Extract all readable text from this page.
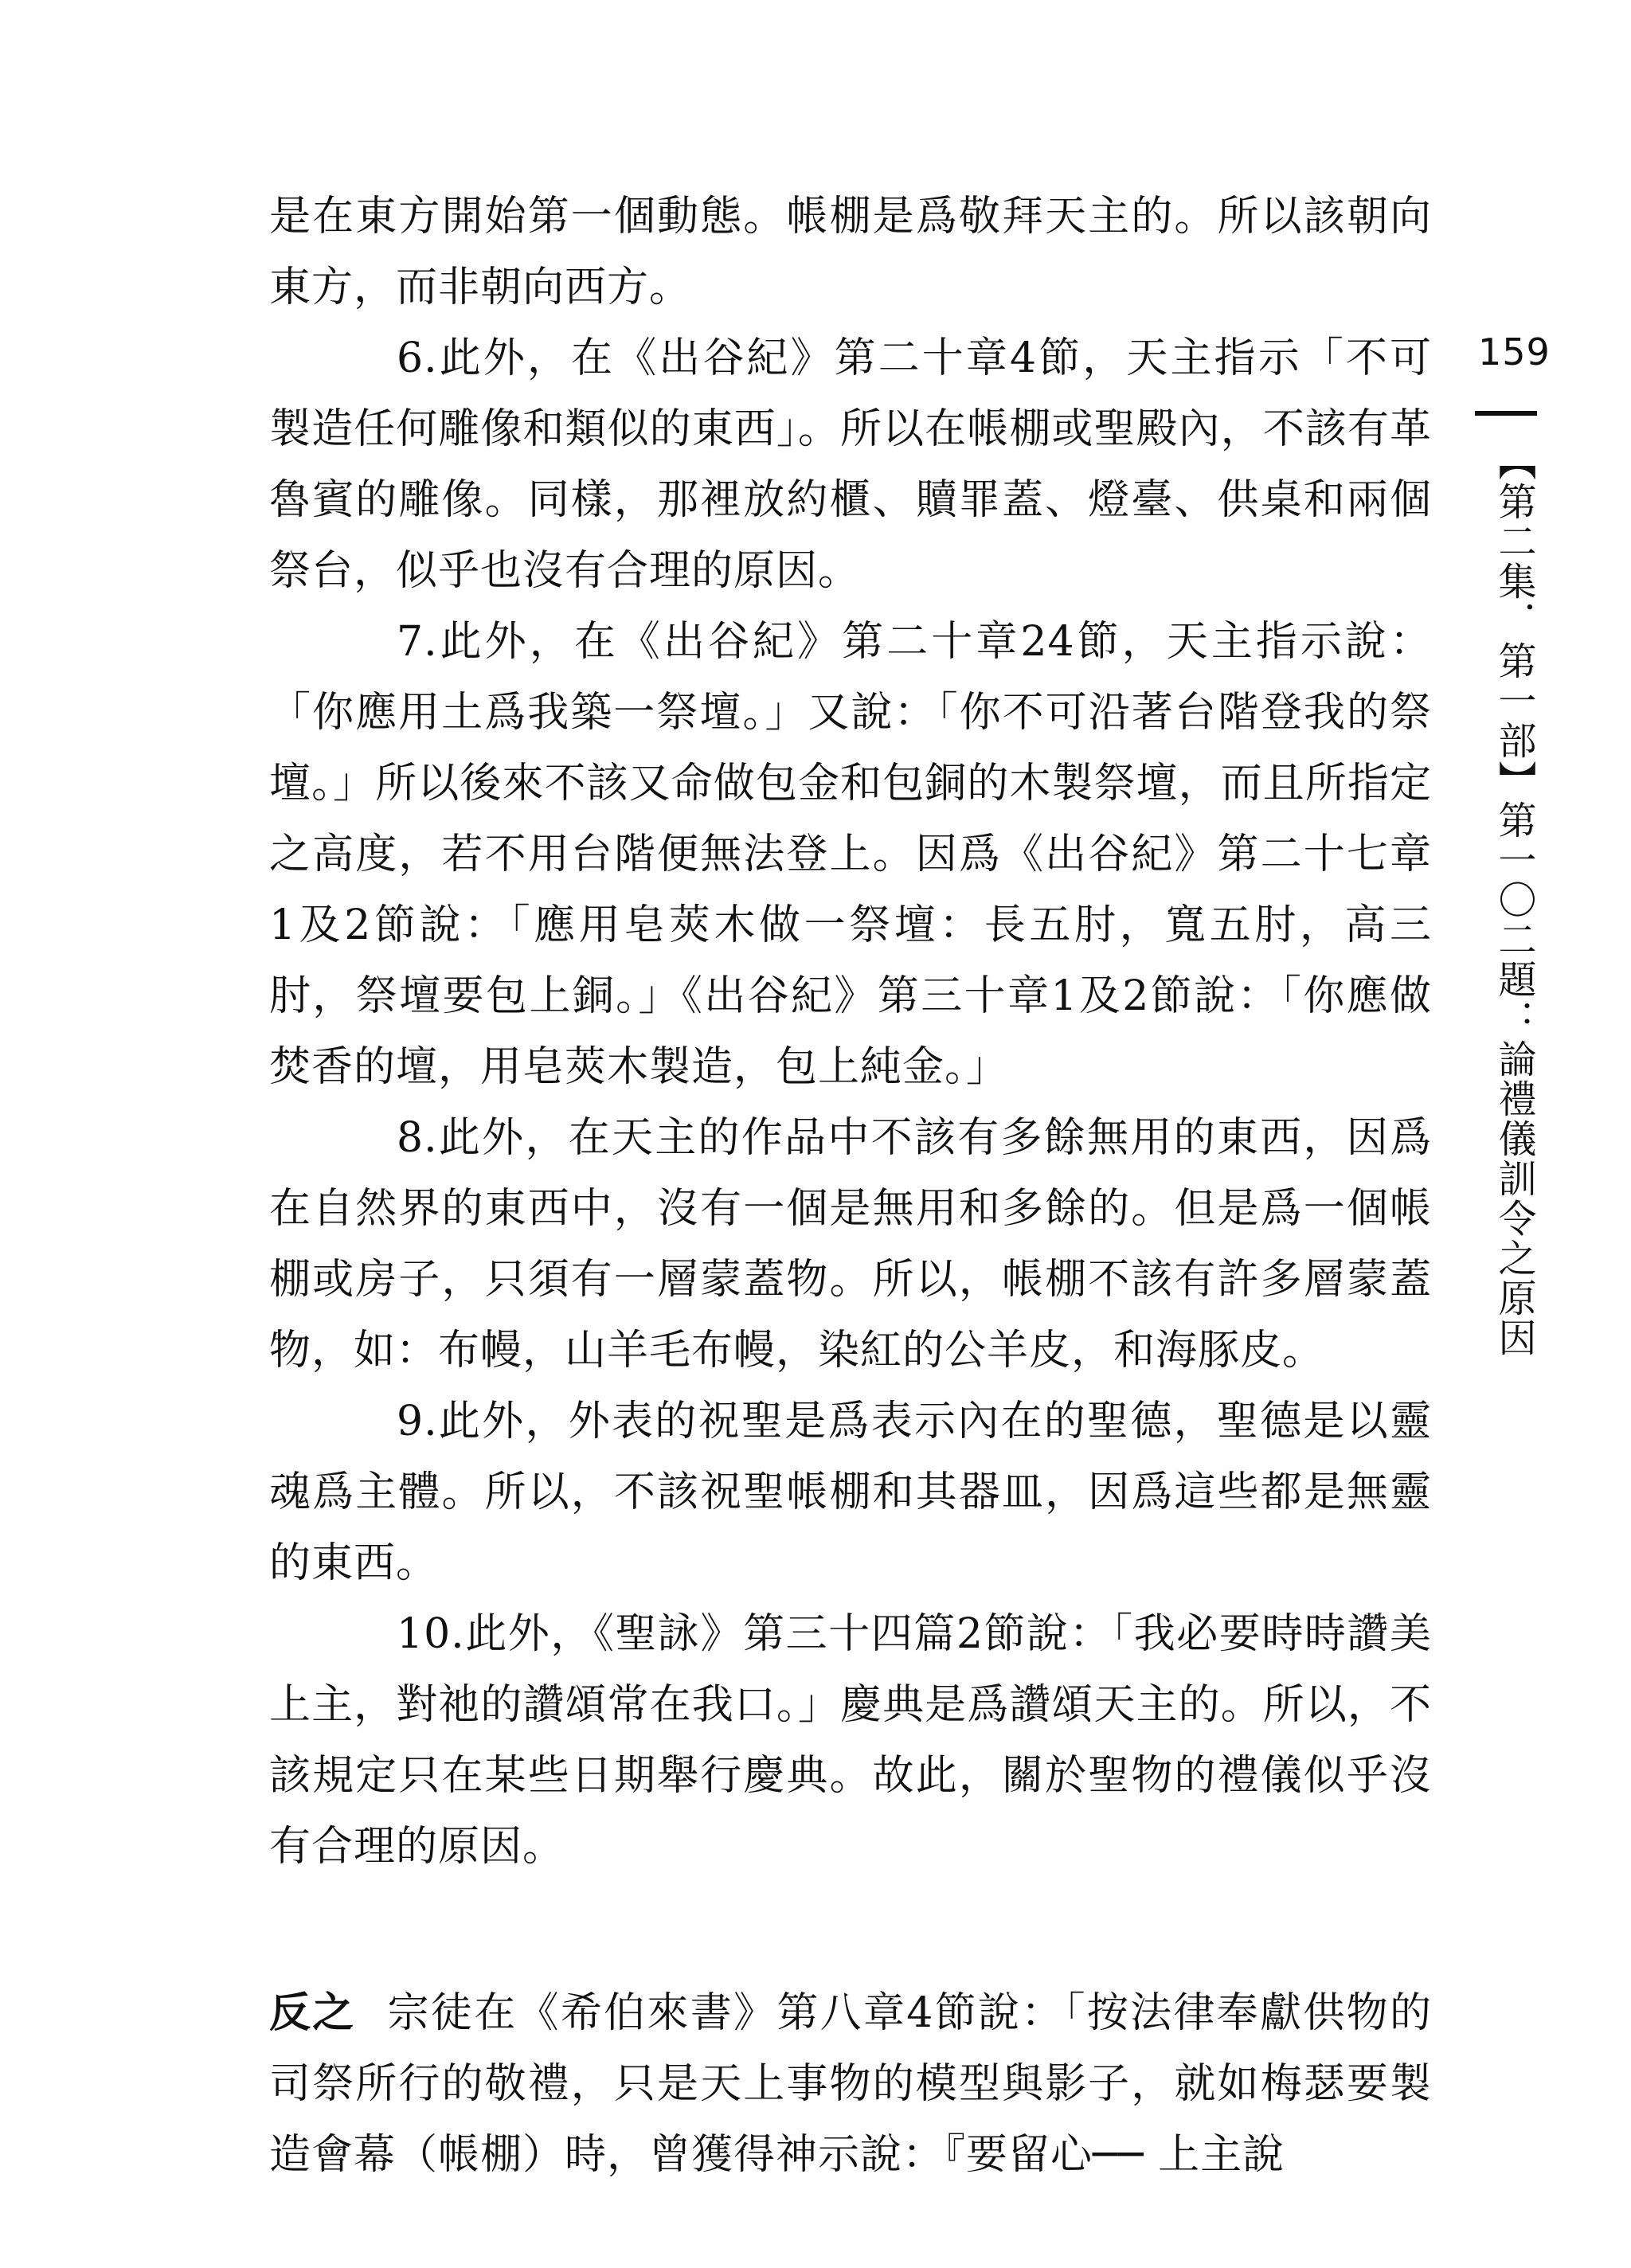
159
【第二集．第一部】第一〇二題：論禮儀訓令之原因

是在東方開始第一個動態。帳棚是爲敬拜天主的。所以該朝向東方，而非朝向西方。

6.此外，在《出谷紀》第二十章4節，天主指示「不可製造任何雕像和類似的東西」。所以在帳棚或聖殿內，不該有革魯賓的雕像。同樣，那裡放約櫃、贖罪蓋、燈臺、供桌和兩個祭台，似乎也沒有合理的原因。

7.此外，在《出谷紀》第二十章24節，天主指示說：「你應用土爲我築一祭壇。」又說：「你不可沿著台階登我的祭壇。」所以後來不該又命做包金和包銅的木製祭壇，而且所指定之高度，若不用台階便無法登上。因爲《出谷紀》第二十七章1及2節說：「應用皂莢木做一祭壇：長五肘，寬五肘，高三肘，祭壇要包上銅。」《出谷紀》第三十章1及2節說：「你應做焚香的壇，用皂莢木製造，包上純金。」

8.此外，在天主的作品中不該有多餘無用的東西，因爲在自然界的東西中，沒有一個是無用和多餘的。但是爲一個帳棚或房子，只須有一層蒙蓋物。所以，帳棚不該有許多層蒙蓋物，如：布幔，山羊毛布幔，染紅的公羊皮，和海豚皮。

9.此外，外表的祝聖是爲表示內在的聖德，聖德是以靈魂爲主體。所以，不該祝聖帳棚和其器皿，因爲這些都是無靈的東西。

10.此外，《聖詠》第三十四篇2節說：「我必要時時讚美上主，對祂的讚頌常在我口。」慶典是爲讚頌天主的。所以，不該規定只在某些日期舉行慶典。故此，關於聖物的禮儀似乎沒有合理的原因。

反之 宗徒在《希伯來書》第八章4節說：「按法律奉獻供物的司祭所行的敬禮，只是天上事物的模型與影子，就如梅瑟要製造會幕（帳棚）時，曾獲得神示說：『要留心── 上主說
